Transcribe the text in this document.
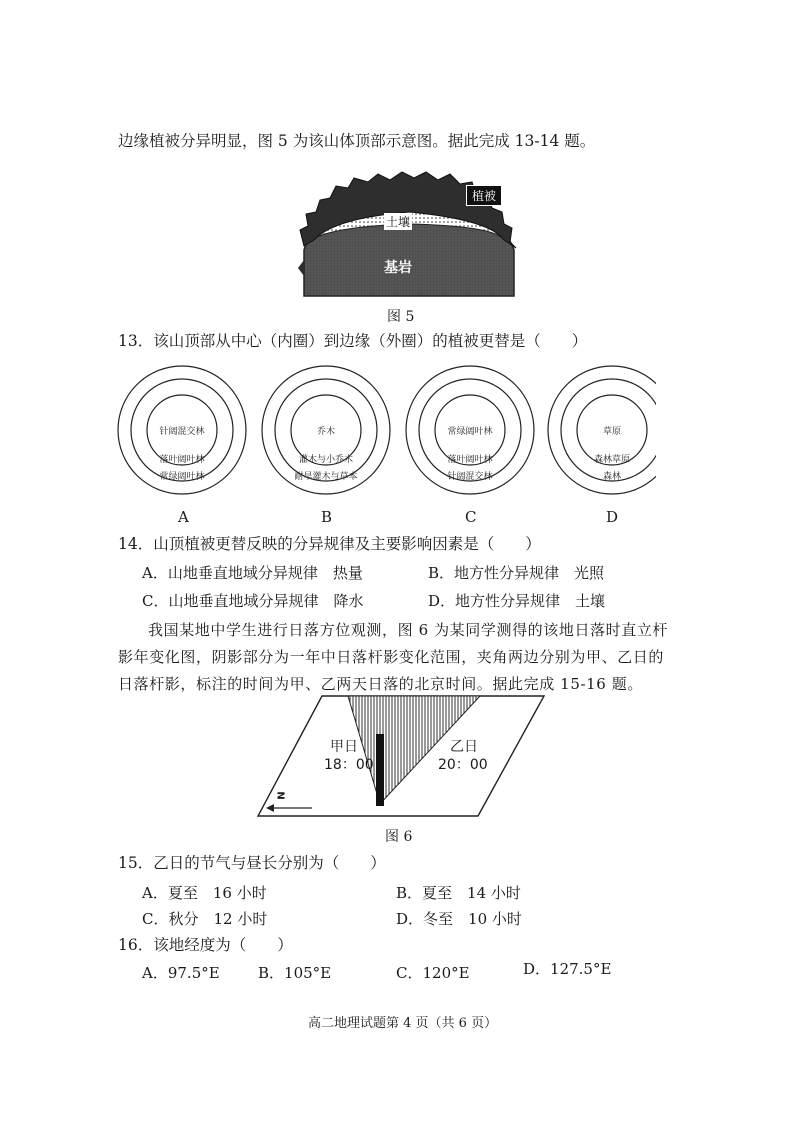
边缘植被分异明显，图 5 为该山体顶部示意图。据此完成 13-14 题。
植被
土壤
基岩
图 5
13．该山顶部从中心（内圈）到边缘（外圈）的植被更替是（　　）
针阔混交林
落叶阔叶林
常绿阔叶林
乔木
灌木与小乔木
耐旱灌木与草本
常绿阔叶林
落叶阔叶林
针阔混交林
草原
森林草原
森林
A	B	C	D
14．山顶植被更替反映的分异规律及主要影响因素是（　　）
A．山地垂直地域分异规律　热量	B．地方性分异规律　光照
C．山地垂直地域分异规律　降水	D．地方性分异规律　土壤
我国某地中学生进行日落方位观测，图 6 为某同学测得的该地日落时直立杆
影年变化图，阴影部分为一年中日落杆影变化范围，夹角两边分别为甲、乙日的
日落杆影，标注的时间为甲、乙两天日落的北京时间。据此完成 15-16 题。
甲日
18：00
乙日
20：00
N
图 6
15．乙日的节气与昼长分别为（　　）
A．夏至　16 小时	B．夏至　14 小时
C．秋分　12 小时	D．冬至　10 小时
16．该地经度为（　　）
A．97.5°E	B．105°E	C．120°E	D．127.5°E
高二地理试题第 4 页（共 6 页）
